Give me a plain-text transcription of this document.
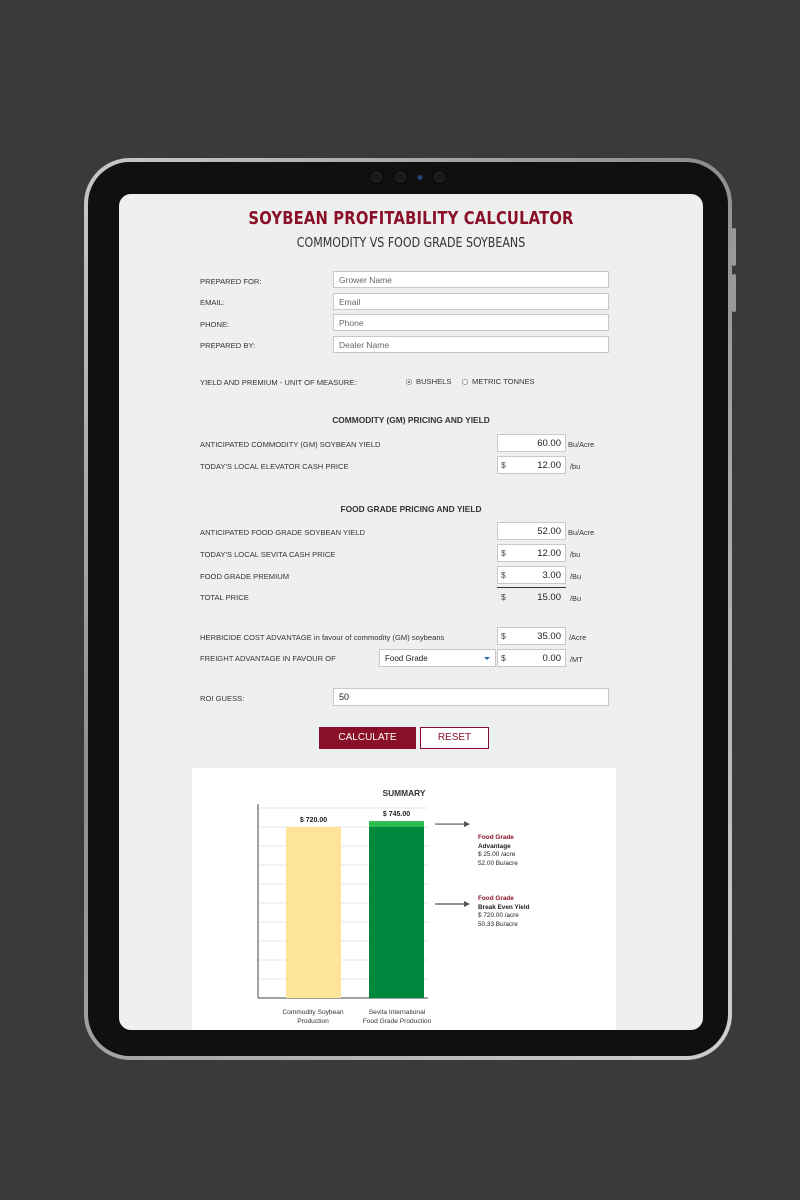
SOYBEAN PROFITABILITY CALCULATOR
COMMODITY VS FOOD GRADE SOYBEANS
PREPARED FOR:	Grower Name
EMAIL:	Email
PHONE:	Phone
PREPARED BY:	Dealer Name
YIELD AND PREMIUM - UNIT OF MEASURE:	BUSHELS	METRIC TONNES
COMMODITY (GM) PRICING AND YIELD
ANTICIPATED COMMODITY (GM) SOYBEAN YIELD	60.00 Bu/Acre
TODAY'S LOCAL ELEVATOR CASH PRICE	$	12.00 /bu
FOOD GRADE PRICING AND YIELD
ANTICIPATED FOOD GRADE SOYBEAN YIELD	52.00 Bu/Acre
TODAY'S LOCAL SEVITA CASH PRICE	$	12.00 /bu
FOOD GRADE PREMIUM	$	3.00 /Bu
TOTAL PRICE	$	15.00 /Bu
HERBICIDE COST ADVANTAGE in favour of commodity (GM) soybeans	$	35.00 /Acre
FREIGHT ADVANTAGE IN FAVOUR OF	Food Grade	$	0.00 /MT
ROI GUESS:	50
CALCULATE	RESET
SUMMARY
$ 720.00
$ 745.00
Commodity Soybean
Production
Sevita International
Food Grade Production
Food Grade
Advantage
$ 25.00 /acre
52.00 Bu/acre
Food Grade
Break Even Yield
$ 720.00 /acre
50.33 Bu/acre
